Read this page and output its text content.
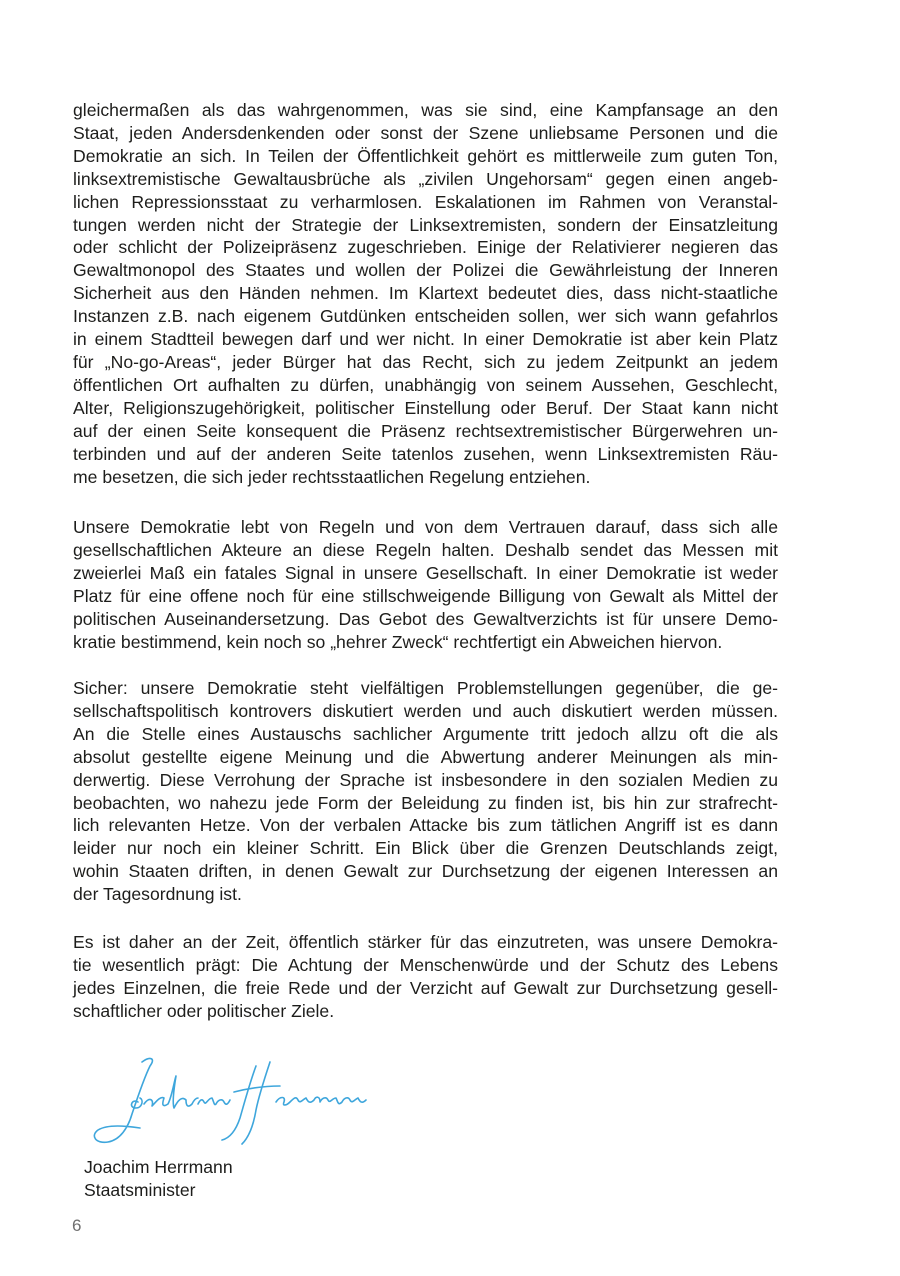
gleichermaßen als das wahrgenommen, was sie sind, eine Kampfansage an den
Staat, jeden Andersdenkenden oder sonst der Szene unliebsame Personen und die
Demokratie an sich. In Teilen der Öffentlichkeit gehört es mittlerweile zum guten Ton,
linksextremistische Gewaltausbrüche als „zivilen Ungehorsam“ gegen einen angeb-
lichen Repressionsstaat zu verharmlosen. Eskalationen im Rahmen von Veranstal-
tungen werden nicht der Strategie der Linksextremisten, sondern der Einsatzleitung
oder schlicht der Polizeipräsenz zugeschrieben. Einige der Relativierer negieren das
Gewaltmonopol des Staates und wollen der Polizei die Gewährleistung der Inneren
Sicherheit aus den Händen nehmen. Im Klartext bedeutet dies, dass nicht-staatliche
Instanzen z.B. nach eigenem Gutdünken entscheiden sollen, wer sich wann gefahrlos
in einem Stadtteil bewegen darf und wer nicht. In einer Demokratie ist aber kein Platz
für „No-go-Areas“, jeder Bürger hat das Recht, sich zu jedem Zeitpunkt an jedem
öffentlichen Ort aufhalten zu dürfen, unabhängig von seinem Aussehen, Geschlecht,
Alter, Religionszugehörigkeit, politischer Einstellung oder Beruf. Der Staat kann nicht
auf der einen Seite konsequent die Präsenz rechtsextremistischer Bürgerwehren un-
terbinden und auf der anderen Seite tatenlos zusehen, wenn Linksextremisten Räu-
me besetzen, die sich jeder rechtsstaatlichen Regelung entziehen.
Unsere Demokratie lebt von Regeln und von dem Vertrauen darauf, dass sich alle
gesellschaftlichen Akteure an diese Regeln halten. Deshalb sendet das Messen mit
zweierlei Maß ein fatales Signal in unsere Gesellschaft. In einer Demokratie ist weder
Platz für eine offene noch für eine stillschweigende Billigung von Gewalt als Mittel der
politischen Auseinandersetzung. Das Gebot des Gewaltverzichts ist für unsere Demo-
kratie bestimmend, kein noch so „hehrer Zweck“ rechtfertigt ein Abweichen hiervon.
Sicher: unsere Demokratie steht vielfältigen Problemstellungen gegenüber, die ge-
sellschaftspolitisch kontrovers diskutiert werden und auch diskutiert werden müssen.
An die Stelle eines Austauschs sachlicher Argumente tritt jedoch allzu oft die als
absolut gestellte eigene Meinung und die Abwertung anderer Meinungen als min-
derwertig. Diese Verrohung der Sprache ist insbesondere in den sozialen Medien zu
beobachten, wo nahezu jede Form der Beleidung zu finden ist, bis hin zur strafrecht-
lich relevanten Hetze. Von der verbalen Attacke bis zum tätlichen Angriff ist es dann
leider nur noch ein kleiner Schritt. Ein Blick über die Grenzen Deutschlands zeigt,
wohin Staaten driften, in denen Gewalt zur Durchsetzung der eigenen Interessen an
der Tagesordnung ist.
Es ist daher an der Zeit, öffentlich stärker für das einzutreten, was unsere Demokra-
tie wesentlich prägt: Die Achtung der Menschenwürde und der Schutz des Lebens
jedes Einzelnen, die freie Rede und der Verzicht auf Gewalt zur Durchsetzung gesell-
schaftlicher oder politischer Ziele.
Joachim Herrmann
Staatsminister
6
